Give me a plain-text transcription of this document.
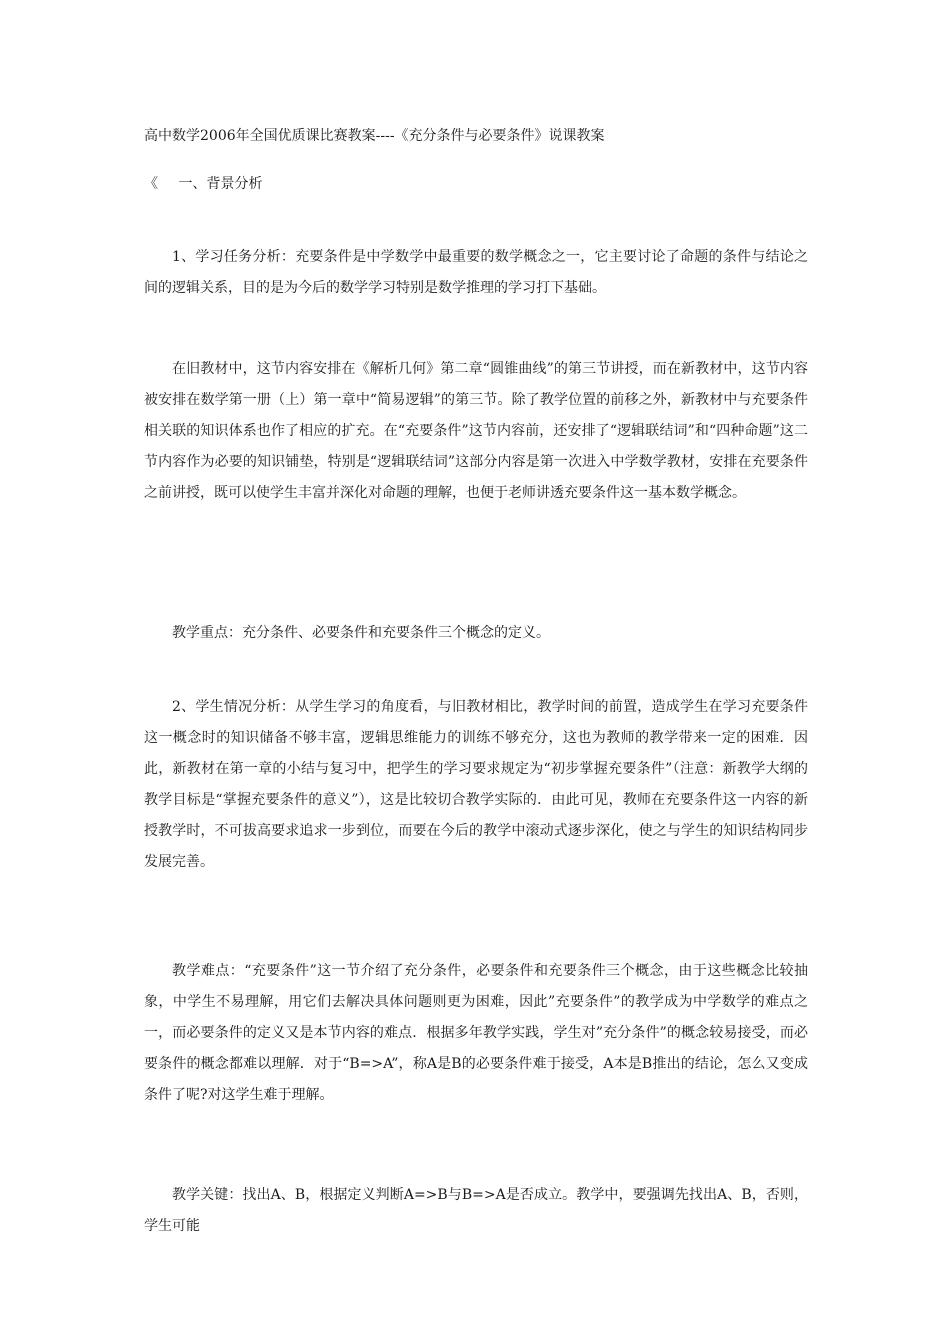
高中数学2006年全国优质课比赛教案----《充分条件与必要条件》说课教案
《 一、背景分析

1、学习任务分析：充要条件是中学数学中最重要的数学概念之一，它主要讨论了命题的条件与结论之间的逻辑关系，目的是为今后的数学学习特别是数学推理的学习打下基础。

在旧教材中，这节内容安排在《解析几何》第二章“圆锥曲线”的第三节讲授，而在新教材中，这节内容被安排在数学第一册（上）第一章中“简易逻辑”的第三节。除了教学位置的前移之外，新教材中与充要条件相关联的知识体系也作了相应的扩充。在“充要条件”这节内容前，还安排了“逻辑联结词”和“四种命题”这二节内容作为必要的知识铺垫，特别是“逻辑联结词”这部分内容是第一次进入中学数学教材，安排在充要条件之前讲授，既可以使学生丰富并深化对命题的理解，也便于老师讲透充要条件这一基本数学概念。

教学重点：充分条件、必要条件和充要条件三个概念的定义。

2、学生情况分析：从学生学习的角度看，与旧教材相比，教学时间的前置，造成学生在学习充要条件这一概念时的知识储备不够丰富，逻辑思维能力的训练不够充分，这也为教师的教学带来一定的困难．因此，新教材在第一章的小结与复习中，把学生的学习要求规定为“初步掌握充要条件”（注意：新教学大纲的教学目标是“掌握充要条件的意义”），这是比较切合教学实际的．由此可见，教师在充要条件这一内容的新授教学时，不可拔高要求追求一步到位，而要在今后的教学中滚动式逐步深化，使之与学生的知识结构同步发展完善。

教学难点：“充要条件”这一节介绍了充分条件，必要条件和充要条件三个概念，由于这些概念比较抽象，中学生不易理解，用它们去解决具体问题则更为困难，因此”充要条件”的教学成为中学数学的难点之一，而必要条件的定义又是本节内容的难点．根据多年教学实践，学生对”充分条件”的概念较易接受，而必要条件的概念都难以理解．对于“B=>A”，称A是B的必要条件难于接受，A本是B推出的结论，怎么又变成条件了呢?对这学生难于理解。

教学关键：找出A、B，根据定义判断A=>B与B=>A是否成立。教学中，要强调先找出A、B，否则，学生可能
